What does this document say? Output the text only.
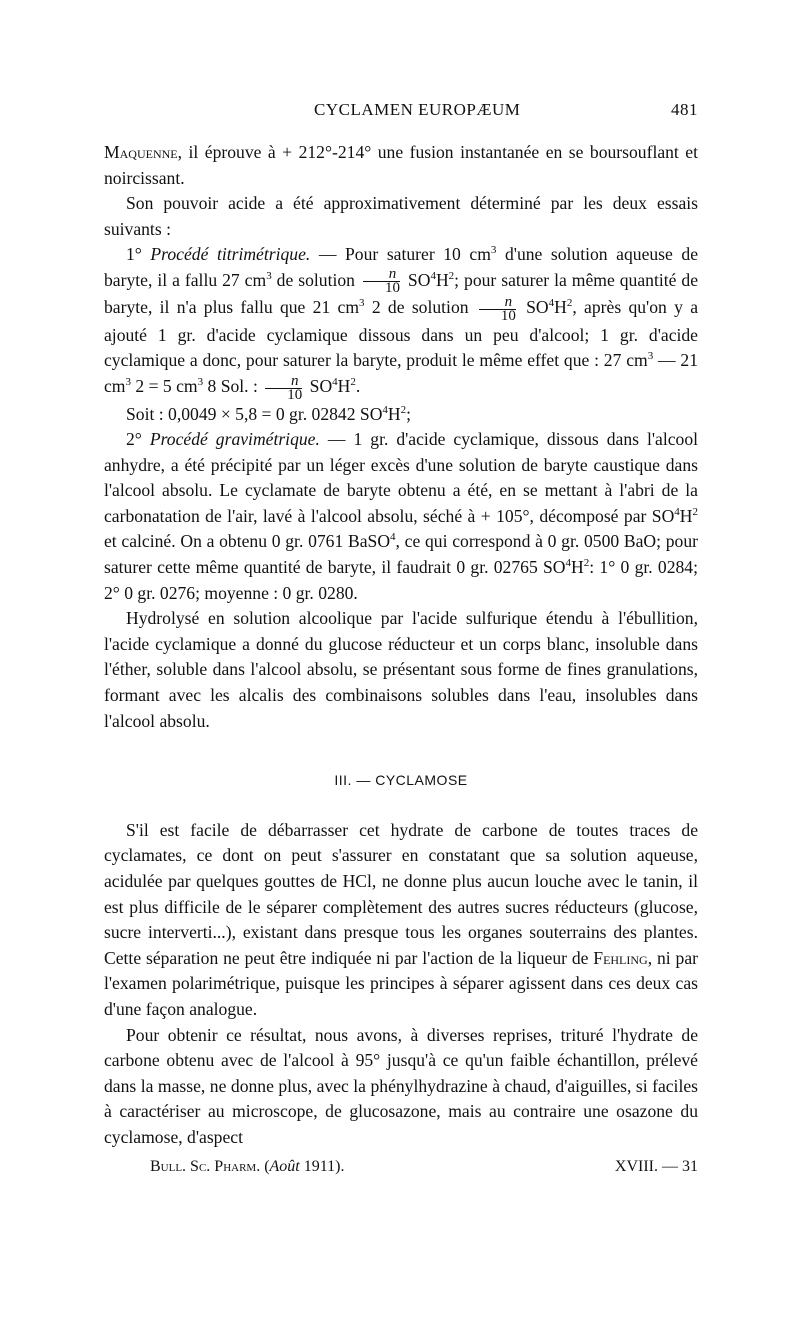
CYCLAMEN EUROPÆUM	481

Maquenne, il éprouve à + 212°-214° une fusion instantanée en se boursouflant et noircissant.

Son pouvoir acide a été approximativement déterminé par les deux essais suivants :

1° Procédé titrimétrique. — Pour saturer 10 $cm^3$ d'une solution aqueuse de baryte, il a fallu 27 $cm^3$ de solution $\frac{n}{10} SO^4H^2$; pour saturer la même quantité de baryte, il n'a plus fallu que 21 $cm^3$ 2 de solution $\frac{n}{10} SO^4H^2$, après qu'on y a ajouté 1 gr. d'acide cyclamique dissous dans un peu d'alcool; 1 gr. d'acide cyclamique a donc, pour saturer la baryte, produit le même effet que : 27 $cm^3$ — 21 $cm^3$ 2 = 5 $cm^3$ 8 Sol. : $\frac{n}{10} SO^4H^2$.

Soit : 0,0049 × 5,8 = 0 gr. 02842 $SO^4H^2$;

2° Procédé gravimétrique. — 1 gr. d'acide cyclamique, dissous dans l'alcool anhydre, a été précipité par un léger excès d'une solution de baryte caustique dans l'alcool absolu. Le cyclamate de baryte obtenu a été, en se mettant à l'abri de la carbonatation de l'air, lavé à l'alcool absolu, séché à + 105°, décomposé par $SO^4H^2$ et calciné. On a obtenu 0 gr. 0761 BaSO$^4$, ce qui correspond à 0 gr. 0500 BaO; pour saturer cette même quantité de baryte, il faudrait 0 gr. 02765 $SO^4H^2$: 1° 0 gr. 0284; 2° 0 gr. 0276; moyenne : 0 gr. 0280.

Hydrolysé en solution alcoolique par l'acide sulfurique étendu à l'ébullition, l'acide cyclamique a donné du glucose réducteur et un corps blanc, insoluble dans l'éther, soluble dans l'alcool absolu, se présentant sous forme de fines granulations, formant avec les alcalis des combinaisons solubles dans l'eau, insolubles dans l'alcool absolu.

III. — CYCLAMOSE

S'il est facile de débarrasser cet hydrate de carbone de toutes traces de cyclamates, ce dont on peut s'assurer en constatant que sa solution aqueuse, acidulée par quelques gouttes de HCl, ne donne plus aucun louche avec le tanin, il est plus difficile de le séparer complètement des autres sucres réducteurs (glucose, sucre interverti...), existant dans presque tous les organes souterrains des plantes. Cette séparation ne peut être indiquée ni par l'action de la liqueur de Fehling, ni par l'examen polarimétrique, puisque les principes à séparer agissent dans ces deux cas d'une façon analogue.

Pour obtenir ce résultat, nous avons, à diverses reprises, trituré l'hydrate de carbone obtenu avec de l'alcool à 95° jusqu'à ce qu'un faible échantillon, prélevé dans la masse, ne donne plus, avec la phénylhydrazine à chaud, d'aiguilles, si faciles à caractériser au microscope, de glucosazone, mais au contraire une osazone du cyclamose, d'aspect

Bull. Sc. Pharm. (Août 1911).	XVIII. — 31
